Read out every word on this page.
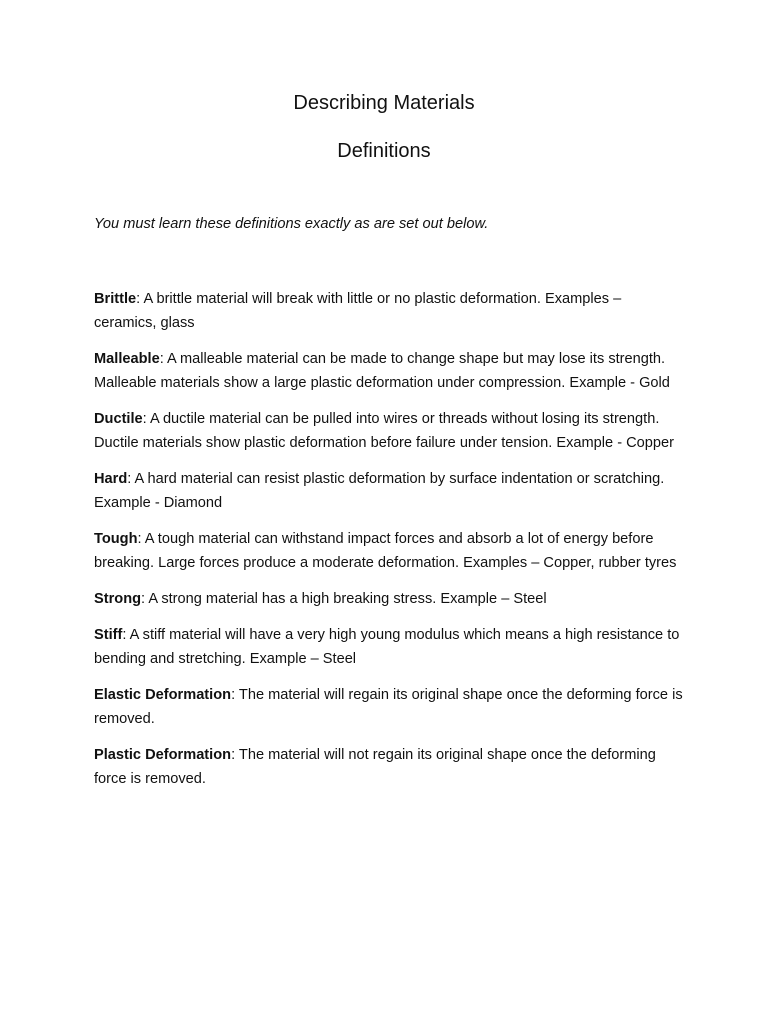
Describing Materials
Definitions

You must learn these definitions exactly as are set out below.

Brittle: A brittle material will break with little or no plastic deformation. Examples – ceramics, glass

Malleable: A malleable material can be made to change shape but may lose its strength. Malleable materials show a large plastic deformation under compression. Example - Gold

Ductile: A ductile material can be pulled into wires or threads without losing its strength. Ductile materials show plastic deformation before failure under tension. Example - Copper

Hard: A hard material can resist plastic deformation by surface indentation or scratching. Example - Diamond

Tough: A tough material can withstand impact forces and absorb a lot of energy before breaking. Large forces produce a moderate deformation. Examples – Copper, rubber tyres

Strong: A strong material has a high breaking stress. Example – Steel

Stiff: A stiff material will have a very high young modulus which means a high resistance to bending and stretching. Example – Steel

Elastic Deformation: The material will regain its original shape once the deforming force is removed.

Plastic Deformation: The material will not regain its original shape once the deforming force is removed.
